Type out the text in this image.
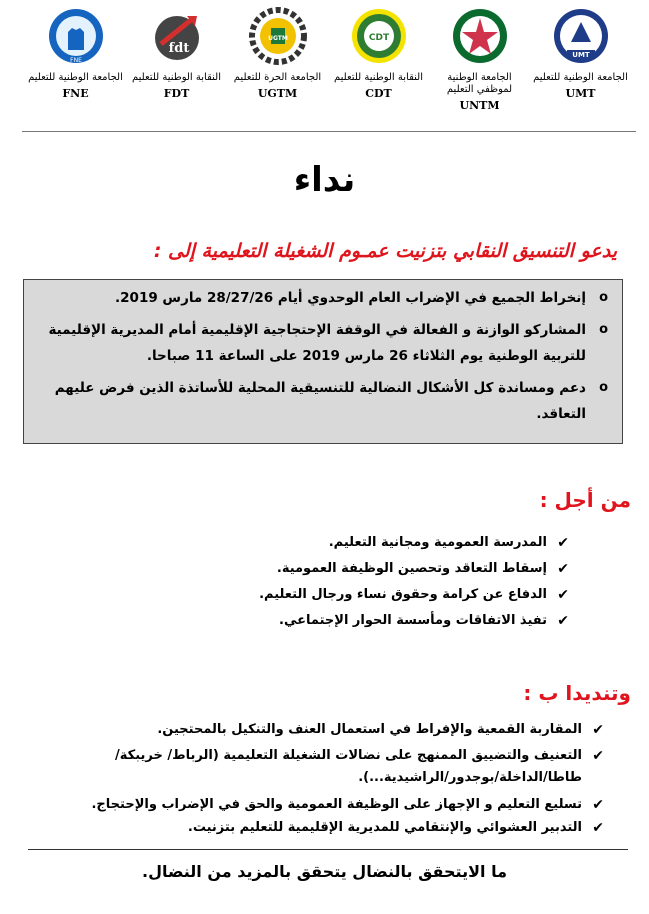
UMT
الجامعة الوطنية للتعليم
UMT
UNTM
الجامعة الوطنية لموظفي التعليم
UNTM
CDT
النقابة الوطنية للتعليم
CDT
UGTM
الجامعة الحرة للتعليم
UGTM
fdt
النقابة الوطنية للتعليم
FDT
FNE
الجامعة الوطنية للتعليم
FNE
نداء
يدعو التنسيق النقابي بتزنيت عمـوم الشغيلة التعليمية إلى :
o
إنخراط الجميع في الإضراب العام الوحدوي أيام 28/27/26 مارس 2019.
o
المشاركو الوازنة و الفعالة في الوقفة الإحتجاجية الإقليمية أمام المديرية الإقليمية للتربية الوطنية يوم الثلاثاء 26 مارس 2019 على الساعة 11 صباحا.
o
دعم ومساندة كل الأشكال النضالية للتنسيقية المحلية للأساتذة الذين فرض عليهم التعاقد.
من أجل :
✔
المدرسة العمومية ومجانية التعليم.
✔
إسقاط التعاقد وتحصين الوظيفة العمومية.
✔
الدفاع عن كرامة وحقوق نساء ورجال التعليم.
✔
تفيذ الاتفاقات ومأسسة الحوار الإجتماعي.
وتنديدا ب :
✔
المقاربة القمعية والإفراط في استعمال العنف والتنكيل بالمحتجين.
✔
التعنيف والتضييق الممنهج على نضالات الشغيلة التعليمية (الرباط/ خريبكة/طاطا/الداخلة/بوجدور/الراشيدية...).
✔
تسليع التعليم و الإجهاز على الوظيفة العمومية والحق في الإضراب والإحتجاج.
✔
التدبير العشوائي والإنتقامي للمديرية الإقليمية للتعليم بتزنيت.
ما الايتحقق بالنضال يتحقق بالمزيد من النضال.
